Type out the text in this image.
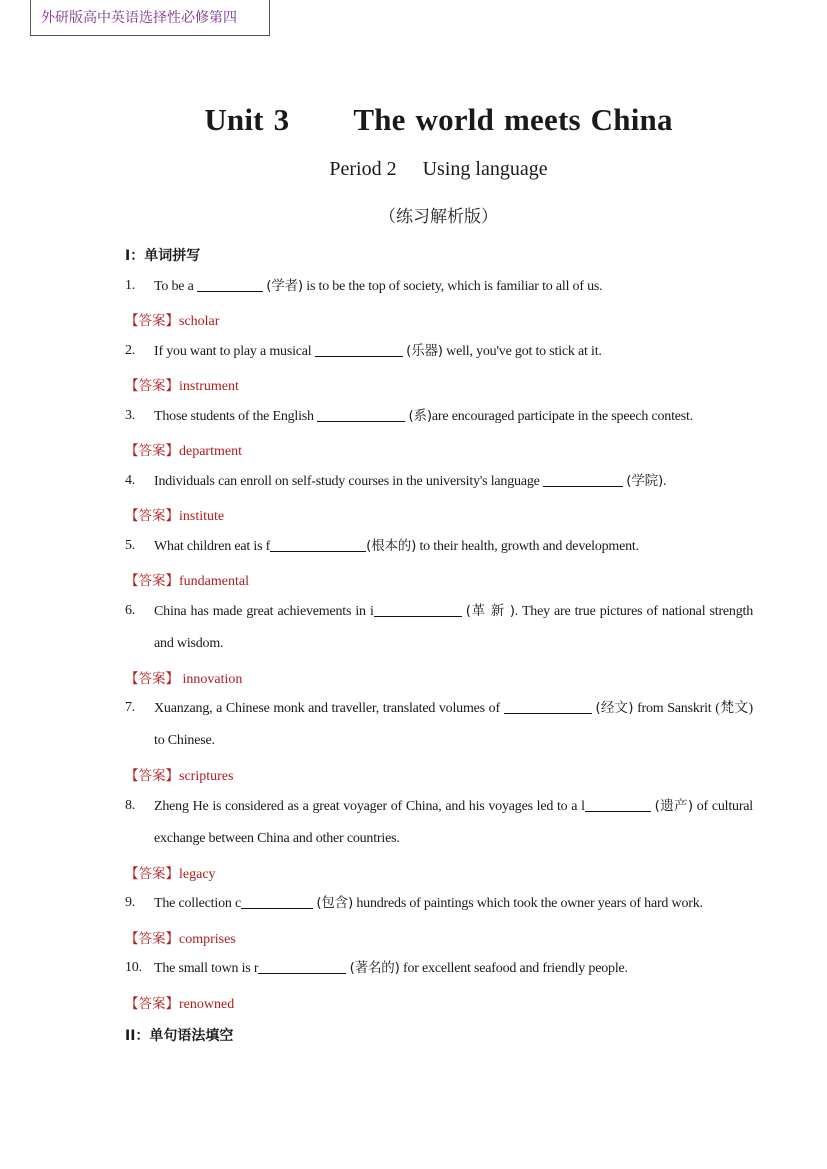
外研版高中英语选择性必修第四
Unit 3 The world meets China
Period 2 Using language
（练习解析版）
I：单词拼写
1.	To be a	(学者) is to be the top of society, which is familiar to all of us.
【答案】scholar
2.	If you want to play a musical	(乐器) well, you've got to stick at it.
【答案】instrument
3.	Those students of the English	(系)are encouraged participate in the speech contest.
【答案】department
4.	Individuals can enroll on self-study courses in the university's language	(学院).
【答案】institute
5.	What children eat is f	(根本的) to their health, growth and development.
【答案】fundamental
6.	China has made great achievements in i	(革 新 ). They are true pictures of national strength and wisdom.
【答案】 innovation
7.	Xuanzang, a Chinese monk and traveller, translated volumes of	(经文) from Sanskrit (梵文) to Chinese.
【答案】scriptures
8.	Zheng He is considered as a great voyager of China, and his voyages led to a l	(遗产) of cultural exchange between China and other countries.
【答案】legacy
9.	The collection c	(包含) hundreds of paintings which took the owner years of hard work.
【答案】comprises
10. The small town is r	(著名的) for excellent seafood and friendly people.
【答案】renowned
II：单句语法填空
